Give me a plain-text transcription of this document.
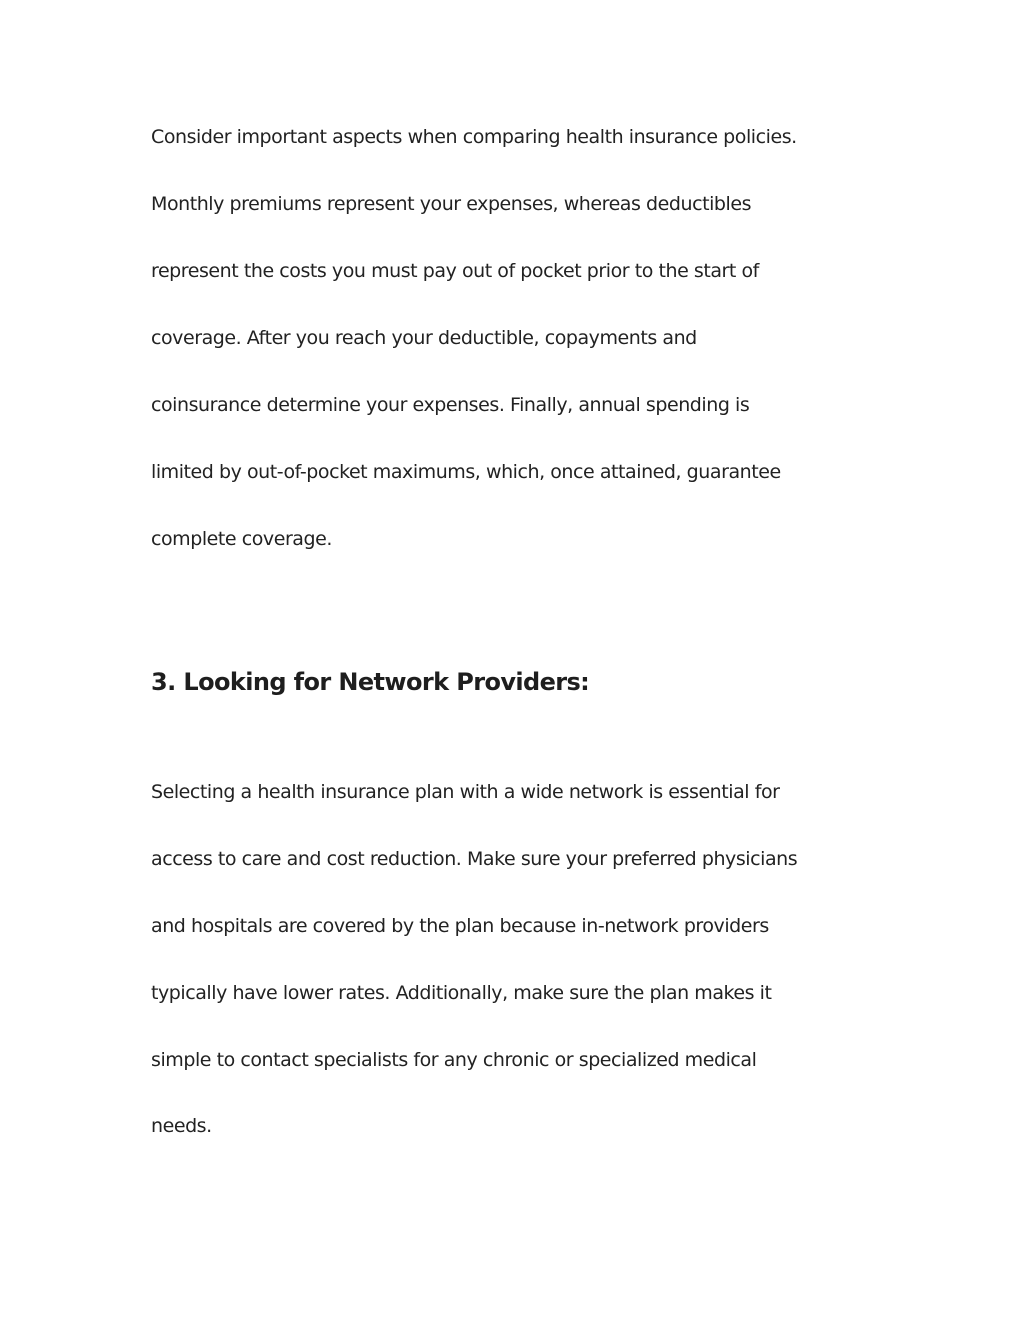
Consider important aspects when comparing health insurance policies.

Monthly premiums represent your expenses, whereas deductibles

represent the costs you must pay out of pocket prior to the start of

coverage. After you reach your deductible, copayments and

coinsurance determine your expenses. Finally, annual spending is

limited by out-of-pocket maximums, which, once attained, guarantee

complete coverage.

3. Looking for Network Providers:

Selecting a health insurance plan with a wide network is essential for

access to care and cost reduction. Make sure your preferred physicians

and hospitals are covered by the plan because in-network providers

typically have lower rates. Additionally, make sure the plan makes it

simple to contact specialists for any chronic or specialized medical

needs.
